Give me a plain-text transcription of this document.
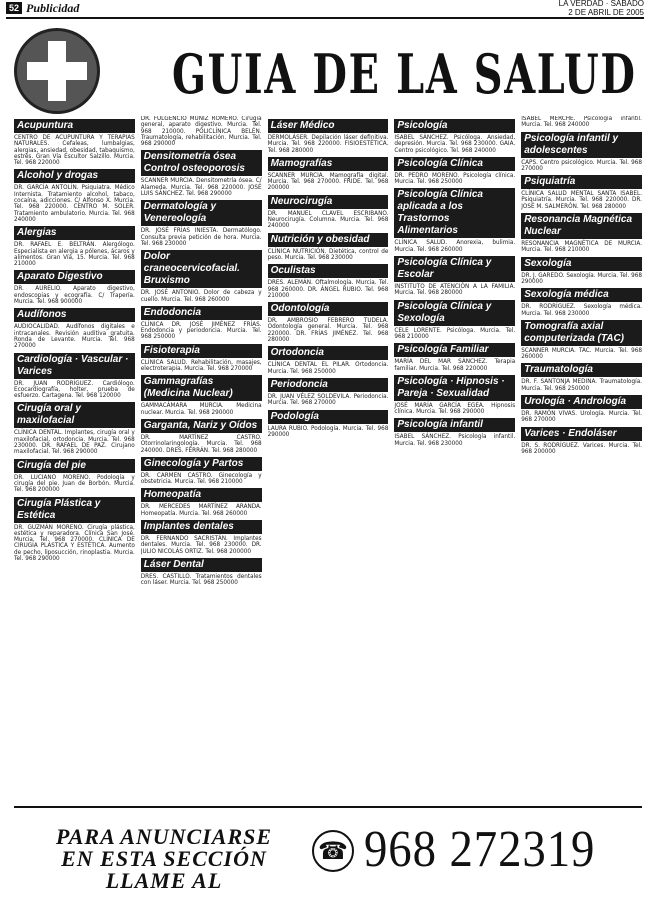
52 Publicidad	LA VERDAD · SÁBADO
2 DE ABRIL DE 2005
GUIA DE LA SALUD
Acupuntura
CENTRO DE ACUPUNTURA Y TERAPIAS NATURALES. Cefaleas, lumbalgias, alergias, ansiedad, obesidad, tabaquismo, estrés. Gran Vía Escultor Salzillo. Murcia. Tel. 968 220000
Alcohol y drogas
DR. GARCÍA ANTOLÍN. Psiquiatra. Médico Internista. Tratamiento alcohol, tabaco, cocaína, adicciones. C/ Alfonso X. Murcia. Tel. 968 220000. CENTRO M. SOLER. Tratamiento ambulatorio. Murcia. Tel. 968 240000
Alergias
DR. RAFAEL E. BELTRÁN. Alergólogo. Especialista en alergia a pólenes, ácaros y alimentos. Gran Vía, 15. Murcia. Tel. 968 210000
Aparato Digestivo
DR. AURELIO. Aparato digestivo, endoscopias y ecografía. C/ Trapería. Murcia. Tel. 968 900000
Audífonos
AUDIOCALIDAD. Audífonos digitales e intracanales. Revisión auditiva gratuita. Ronda de Levante. Murcia. Tel. 968 270000
Cardiología · Vascular · Varices
DR. JUAN RODRÍGUEZ. Cardiólogo. Ecocardiografía, holter, prueba de esfuerzo. Cartagena. Tel. 968 120000
Cirugía oral y maxilofacial
CLÍNICA DENTAL. Implantes, cirugía oral y maxilofacial, ortodoncia. Murcia. Tel. 968 230000. DR. RAFAEL DE PAZ. Cirujano maxilofacial. Tel. 968 290000
Cirugía del pie
DR. LUCIANO MORENO. Podología y cirugía del pie. Juan de Borbón. Murcia. Tel. 968 200000
Cirugía Plástica y Estética
DR. GUZMÁN MORENO. Cirugía plástica, estética y reparadora. Clínica San José. Murcia. Tel. 968 270000. CLÍNICA DE CIRUGÍA PLÁSTICA Y ESTÉTICA. Aumento de pecho, liposucción, rinoplastia. Murcia. Tel. 968 290000
DR. FULGENCIO MUÑIZ ROMERO. Cirugía general, aparato digestivo. Murcia. Tel. 968 210000. POLICLÍNICA BELÉN. Traumatología, rehabilitación. Murcia. Tel. 968 290000
Densitometría ósea Control osteoporosis
SCANNER MURCIA. Densitometría ósea. C/ Alameda. Murcia. Tel. 968 220000. JOSÉ LUIS SÁNCHEZ. Tel. 968 290000
Dermatología y Venereología
DR. JOSÉ FRÍAS INIESTA. Dermatólogo. Consulta previa petición de hora. Murcia. Tel. 968 230000
Dolor craneocervicofacial. Bruxismo
DR. JOSÉ ANTONIO. Dolor de cabeza y cuello. Murcia. Tel. 968 260000
Endodoncia
CLÍNICA DR. JOSÉ JIMÉNEZ FRÍAS. Endodoncia y periodoncia. Murcia. Tel. 968 250000
Fisioterapia
CLÍNICA SALUD. Rehabilitación, masajes, electroterapia. Murcia. Tel. 968 270000
Gammagrafías (Medicina Nuclear)
GAMMACÁMARA MURCIA. Medicina nuclear. Murcia. Tel. 968 290000
Garganta, Nariz y Oídos
DR. MARTÍNEZ CASTRO. Otorrinolaringología. Murcia. Tel. 968 240000. DRES. FERRÁN. Tel. 968 280000
Ginecología y Partos
DR. CARMEN CASTRO. Ginecología y obstetricia. Murcia. Tel. 968 210000
Homeopatía
DR. MERCEDES MARTÍNEZ ARANDA. Homeopatía. Murcia. Tel. 968 260000
Implantes dentales
DR. FERNANDO SACRISTÁN. Implantes dentales. Murcia. Tel. 968 230000. DR. JULIO NICOLÁS ORTIZ. Tel. 968 200000
Láser Dental
DRES. CASTILLO. Tratamientos dentales con láser. Murcia. Tel. 968 250000
Láser Médico
DERMOLÁSER. Depilación láser definitiva. Murcia. Tel. 968 220000. FISIOESTÉTICA. Tel. 968 280000
Mamografías
SCANNER MURCIA. Mamografía digital. Murcia. Tel. 968 270000. FRIDE. Tel. 968 200000
Neurocirugía
DR. MANUEL CLAVEL ESCRIBANO. Neurocirugía. Columna. Murcia. Tel. 968 240000
Nutrición y obesidad
CLÍNICA NUTRICIÓN. Dietética, control de peso. Murcia. Tel. 968 230000
Oculistas
DRES. ALEMÁN. Oftalmología. Murcia. Tel. 968 260000. DR. ÁNGEL RUBIO. Tel. 968 210000
Odontología
DR. AMBROSIO FEBRERO TUDELA. Odontología general. Murcia. Tel. 968 220000. DR. FRÍAS JIMÉNEZ. Tel. 968 280000
Ortodoncia
CLÍNICA DENTAL EL PILAR. Ortodoncia. Murcia. Tel. 968 250000
Periodoncia
DR. JUAN VÉLEZ SOLDEVILA. Periodoncia. Murcia. Tel. 968 270000
Podología
LAURA RUBIO. Podología. Murcia. Tel. 968 290000
Psicología
ISABEL SÁNCHEZ. Psicóloga. Ansiedad, depresión. Murcia. Tel. 968 230000. GAIA. Centro psicológico. Tel. 968 240000
Psicología Clínica
DR. PEDRO MORENO. Psicología clínica. Murcia. Tel. 968 250000
Psicología Clínica aplicada a los Trastornos Alimentarios
CLÍNICA SALUD. Anorexia, bulimia. Murcia. Tel. 968 260000
Psicología Clínica y Escolar
INSTITUTO DE ATENCIÓN A LA FAMILIA. Murcia. Tel. 968 280000
Psicología Clínica y Sexología
CELE LORENTE. Psicóloga. Murcia. Tel. 968 210000
Psicología Familiar
MARÍA DEL MAR SÁNCHEZ. Terapia familiar. Murcia. Tel. 968 220000
Psicología · Hipnosis · Pareja · Sexualidad
JOSÉ MARÍA GARCÍA EGEA. Hipnosis clínica. Murcia. Tel. 968 290000
Psicología infantil
ISABEL SÁNCHEZ. Psicología infantil. Murcia. Tel. 968 230000
ISABEL MERCHE. Psicología infantil. Murcia. Tel. 968 240000
Psicología infantil y adolescentes
CAPS. Centro psicológico. Murcia. Tel. 968 270000
Psiquiatría
CLÍNICA SALUD MENTAL SANTA ISABEL. Psiquiatría. Murcia. Tel. 968 220000. DR. JOSÉ M. SALMERÓN. Tel. 968 280000
Resonancia Magnética Nuclear
RESONANCIA MAGNÉTICA DE MURCIA. Murcia. Tel. 968 210000
Sexología
DR. J. GAREDO. Sexología. Murcia. Tel. 968 290000
Sexología médica
DR. RODRÍGUEZ. Sexología médica. Murcia. Tel. 968 230000
Tomografía axial computerizada (TAC)
SCANNER MURCIA. TAC. Murcia. Tel. 968 260000
Traumatología
DR. F. SANTONJA MEDINA. Traumatología. Murcia. Tel. 968 250000
Urología · Andrología
DR. RAMÓN VIVAS. Urología. Murcia. Tel. 968 270000
Varices · Endoláser
DR. S. RODRÍGUEZ. Varices. Murcia. Tel. 968 200000
PARA ANUNCIARSE EN ESTA SECCIÓN LLAME AL
☎ 968 272319
